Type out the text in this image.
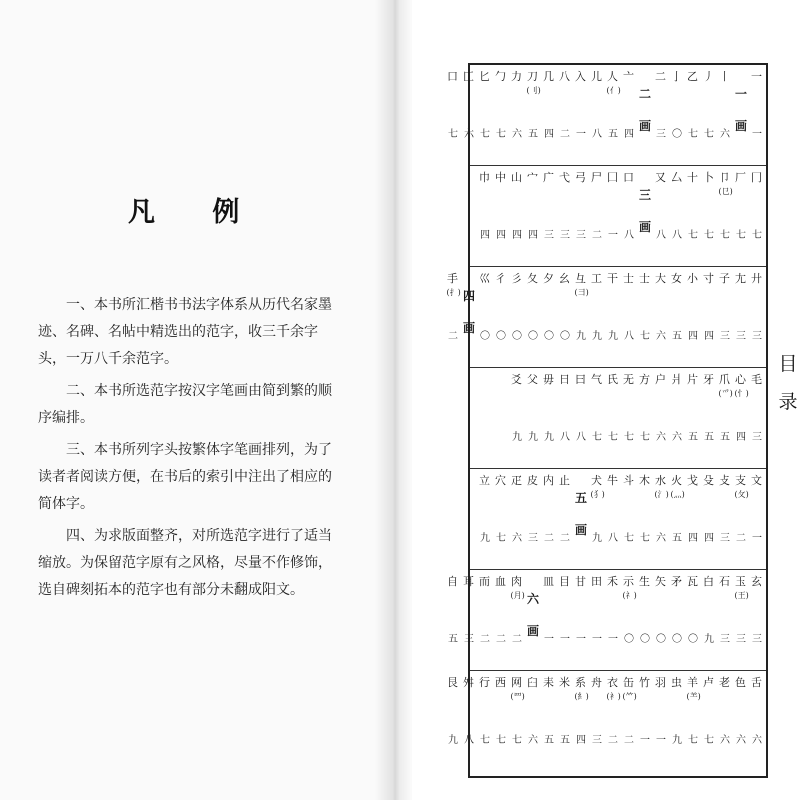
凡 例

一、本书所汇楷书书法字体系从历代名家墨迹、名碑、名帖中精选出的范字，收三千余字头，一万八千余范字。

二、本书所选范字按汉字笔画由简到繁的顺序编排。

三、本书所列字头按繁体字笔画排列，为了读者者阅读方便，在书后的索引中注出了相应的简体字。

四、为求版面整齐，对所选范字进行了适当缩放。为保留范字原有之风格，尽量不作修饰，选自碑刻拓本的范字也有部分未翻成阳文。

一
一
一
画
丨
六
丿
七
乙
七
亅
〇
二
三
二
画
亠
四
人
(亻)
五
儿
八
入
一
八
二
几
四
刀
(刂)
五
力
六
勹
七
匕
七
匚
六
口
七
冂
七
厂
七
卩
(㔾)
七
卜
七
十
七
厶
八
又
八
三
画
口
八
囗
一
尸
二
弓
三
弋
三
广
三
宀
四
山
四
中
四
巾
四
廾
三
尢
三
子
三
寸
四
小
四
女
五
大
六
士
七
士
八
干
九
工
九
彑
(彐)
九
幺
〇
夕
〇
夂
〇
彡
〇
彳
〇
巛
〇
四
画
手
(扌)
二
毛
三
心
(忄)
四
爪
(爫)
五
牙
五
片
五
爿
六
户
六
方
七
无
七
氏
七
气
七
曰
八
日
八
毋
九
父
九
爻
九
文
一
支
(攵)
二
攴
三
殳
四
戈
四
火
(灬)
五
水
(氵)
六
木
七
斗
七
牛
八
犬
(犭)
九
五
画
止
二
内
二
皮
三
疋
六
穴
七
立
九
玄
三
玉
(王)
三
石
三
白
九
瓦
〇
矛
〇
矢
〇
生
〇
示
(礻)
〇
禾
一
田
一
甘
一
目
一
皿
一
六
画
肉
(月)
二
血
二
而
二
耳
三
自
五
舌
六
色
六
老
六
卢
七
羊
(⺷)
七
虫
九
羽
一
竹
一
缶
(⺮)
二
衣
(衤)
二
舟
三
系
(糹)
四
米
五
耒
五
臼
六
网
(罒)
七
西
七
行
七
舛
八
艮
九
目
录
